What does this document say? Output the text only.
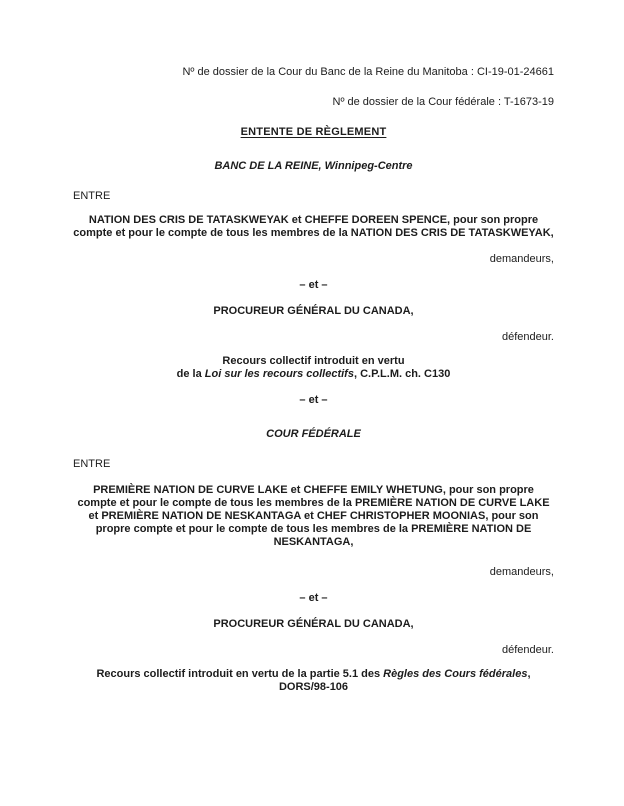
Nº de dossier de la Cour du Banc de la Reine du Manitoba : CI-19-01-24661
Nº de dossier de la Cour fédérale : T-1673-19
ENTENTE DE RÈGLEMENT
BANC DE LA REINE, Winnipeg-Centre
ENTRE
NATION DES CRIS DE TATASKWEYAK et CHEFFE DOREEN SPENCE, pour son propre compte et pour le compte de tous les membres de la NATION DES CRIS DE TATASKWEYAK,
demandeurs,
– et –
PROCUREUR GÉNÉRAL DU CANADA,
défendeur.
Recours collectif introduit en vertu
de la Loi sur les recours collectifs, C.P.L.M. ch. C130
– et –
COUR FÉDÉRALE
ENTRE
PREMIÈRE NATION DE CURVE LAKE et CHEFFE EMILY WHETUNG, pour son propre compte et pour le compte de tous les membres de la PREMIÈRE NATION DE CURVE LAKE et PREMIÈRE NATION DE NESKANTAGA et CHEF CHRISTOPHER MOONIAS, pour son propre compte et pour le compte de tous les membres de la PREMIÈRE NATION DE NESKANTAGA,
demandeurs,
– et –
PROCUREUR GÉNÉRAL DU CANADA,
défendeur.
Recours collectif introduit en vertu de la partie 5.1 des Règles des Cours fédérales,
DORS/98-106
